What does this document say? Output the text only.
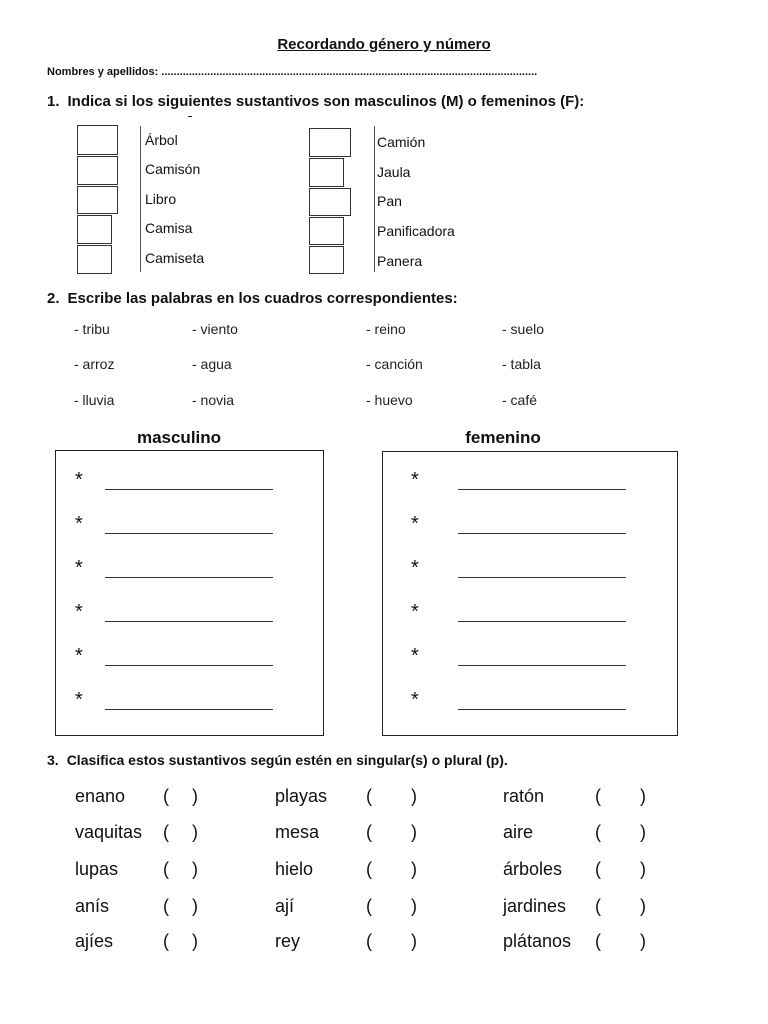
Recordando género y número
Nombres y apellidos: ...........................................................................................................................
1. Indica si los siguientes sustantivos son masculinos (M) o femeninos (F):
Árbol
Camisón
Libro
Camisa
Camiseta
Camión
Jaula
Pan
Panificadora
Panera
2. Escribe las palabras en los cuadros correspondientes:
- tribu	- viento	- reino	- suelo
- arroz	- agua	- canción	- tabla
- lluvia	- novia	- huevo	- café
masculino	femenino
*
*
*
*
*
*
*
*
*
*
*
*
3. Clasifica estos sustantivos según estén en singular(s) o plural (p).
enano ( )	playas ( )	ratón	( )
vaquitas ( )	mesa	( )	aire	( )
lupas ( )	hielo	( )	árboles ( )
anís	( )	ají	( )	jardines ( )
ajíes	( )	rey	( )	plátanos ( )
